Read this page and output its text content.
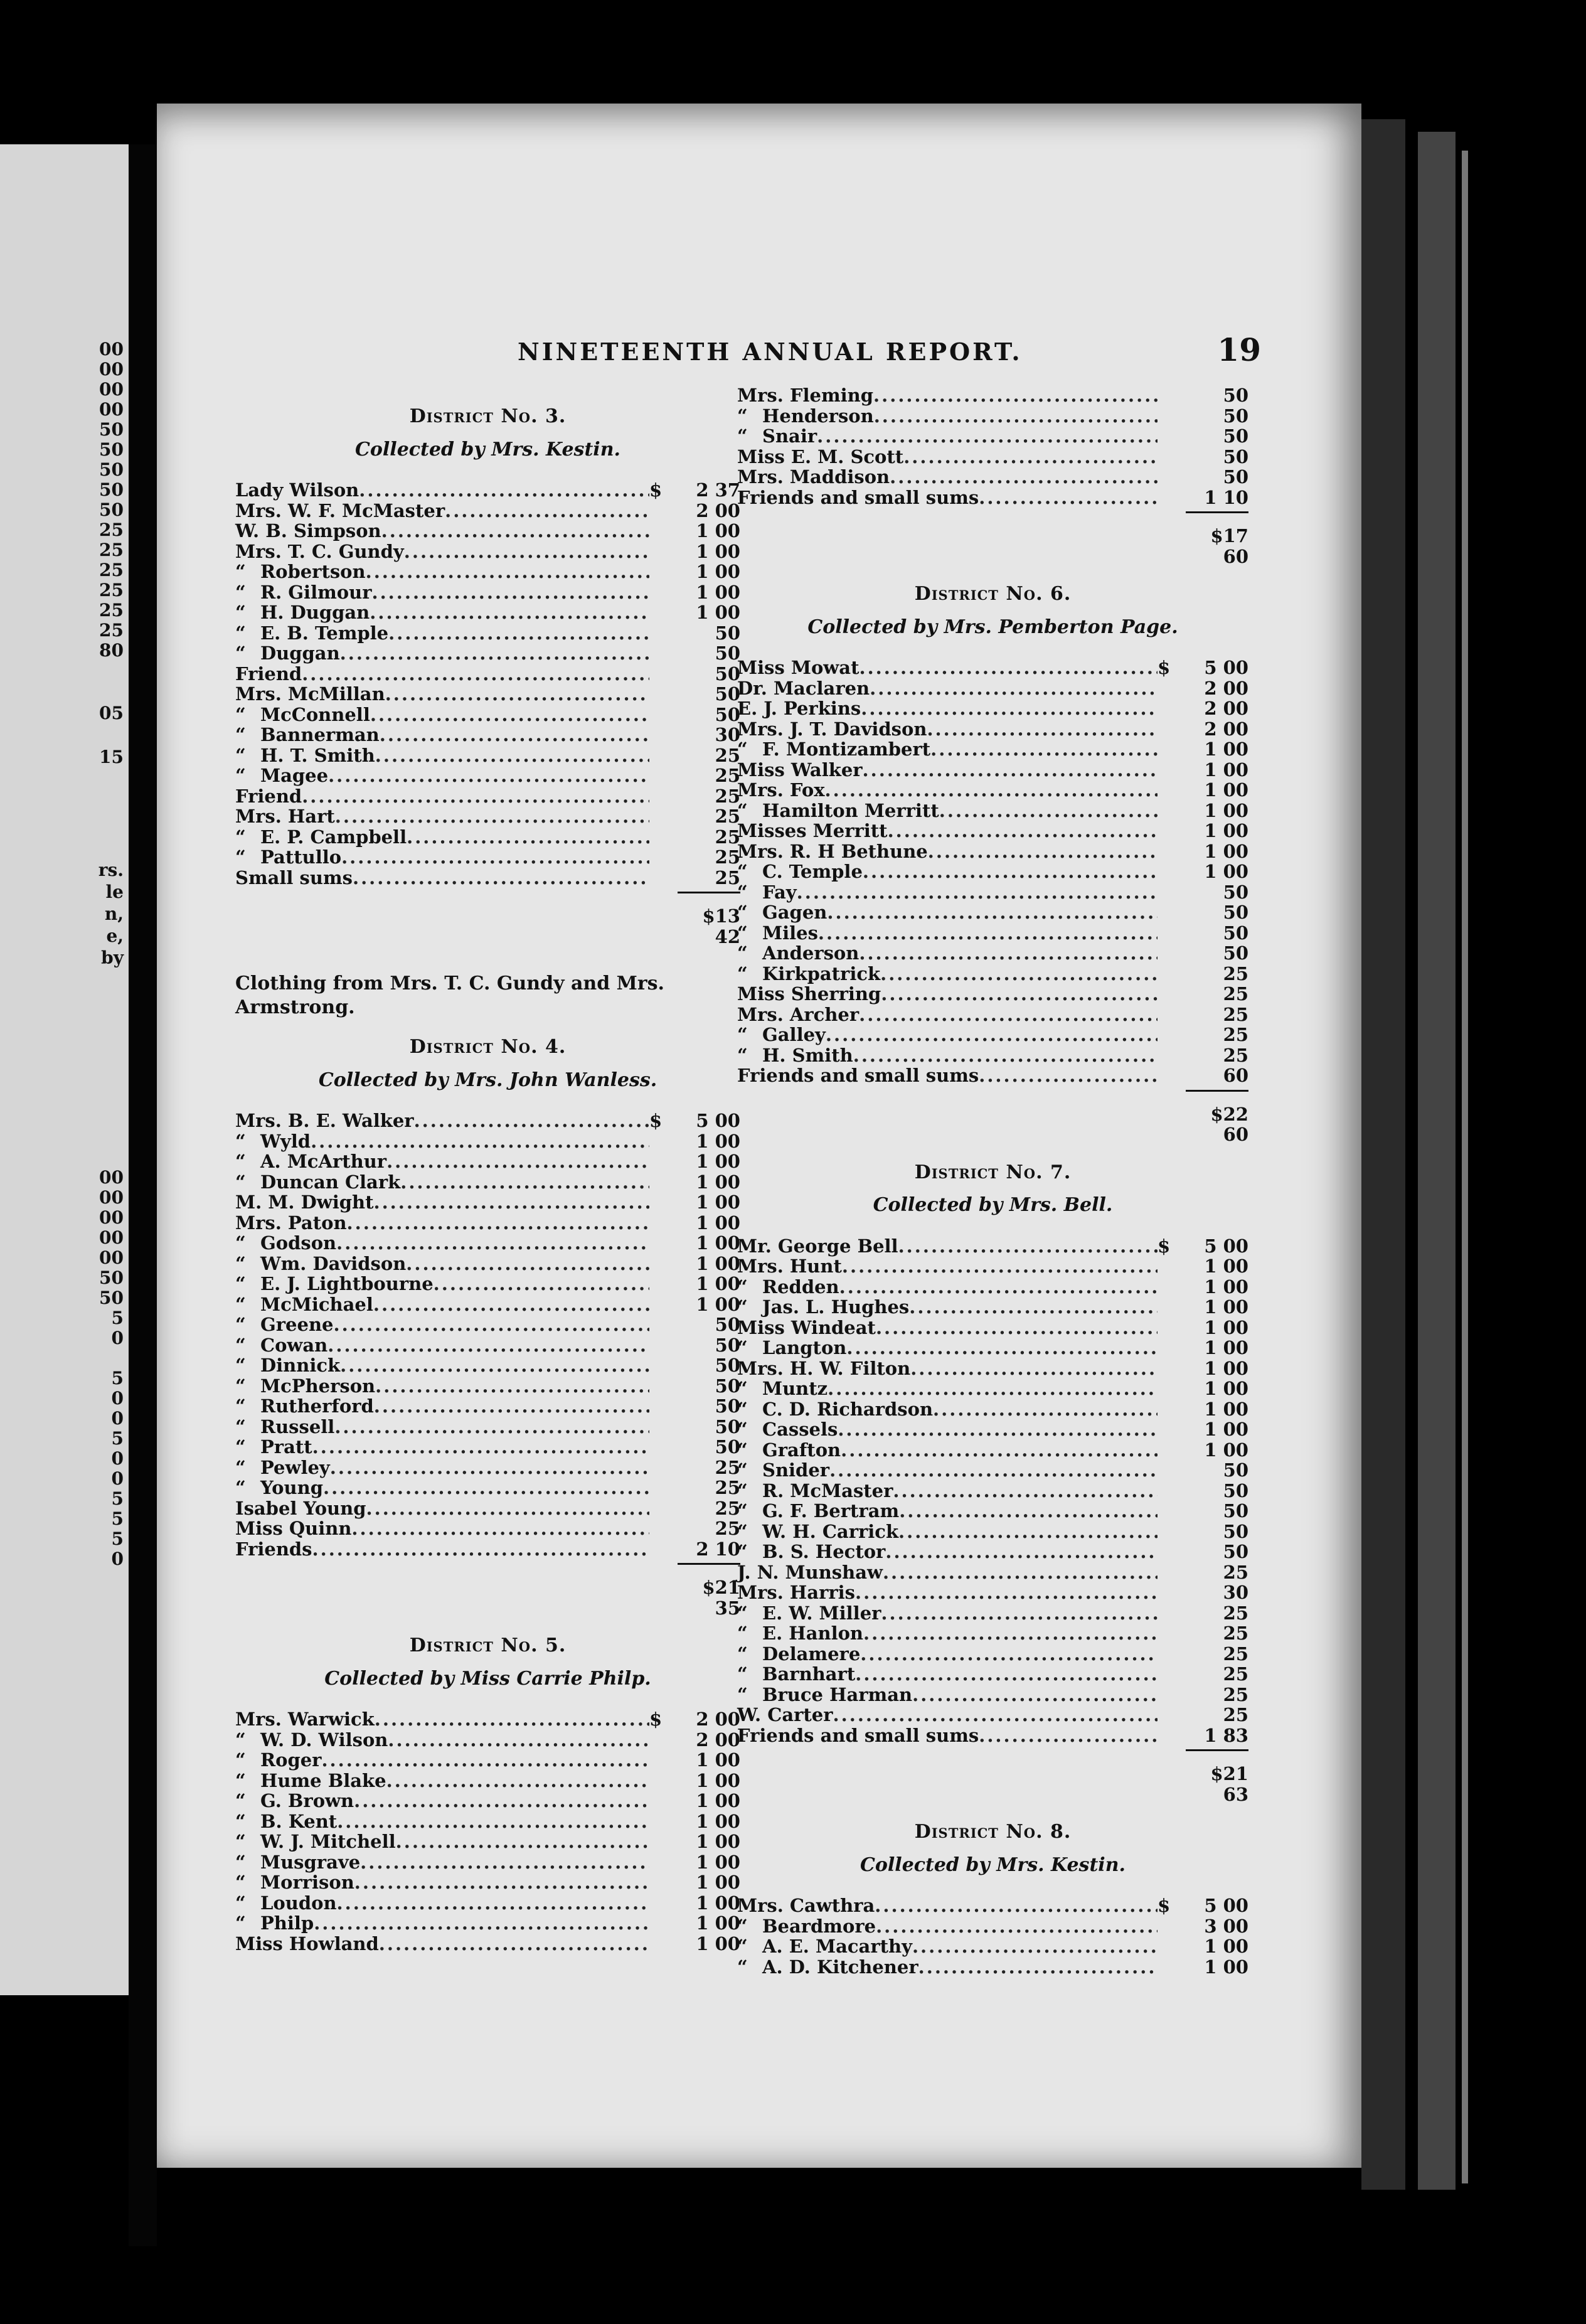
00
00
00
00
50
50
50
50
50
25
25
25
25
25
25
80
05
15
rs.
le
n,
e,
by
00
00
00
00
00
50
50
5
0
5
0
0
5
0
0
5
5
5
0
NINETEENTH ANNUAL REPORT.	19
District No. 3.
Collected by Mrs. Kestin.
Lady Wilson .....	$ 2 37
Mrs. W. F. McMaster .....	2 00
W. B. Simpson .....	1 00
Mrs. T. C. Gundy .....	1 00
“ Robertson .....	1 00
“ R. Gilmour .....	1 00
“ H. Duggan .....	1 00
“ E. B. Temple .....	50
“ Duggan .....	50
Friend .....	50
Mrs. McMillan .....	50
“ McConnell .....	50
“ Bannerman .....	30
“ H. T. Smith .....	25
“ Magee .....	25
Friend .....	25
Mrs. Hart .....	25
“ E. P. Campbell .....	25
“ Pattullo .....	25
Small sums .....	25
$13 42
Clothing from Mrs. T. C. Gundy and Mrs. Armstrong.
District No. 4.
Collected by Mrs. John Wanless.
Mrs. B. E. Walker .....	$ 5 00
“ Wyld .....	1 00
“ A. McArthur .....	1 00
“ Duncan Clark .....	1 00
M. M. Dwight .....	1 00
Mrs. Paton .....	1 00
“ Godson .....	1 00
“ Wm. Davidson .....	1 00
“ E. J. Lightbourne .....	1 00
“ McMichael .....	1 00
“ Greene .....	50
“ Cowan .....	50
“ Dinnick .....	50
“ McPherson .....	50
“ Rutherford .....	50
“ Russell .....	50
“ Pratt .....	50
“ Pewley .....	25
“ Young .....	25
Isabel Young .....	25
Miss Quinn .....	25
Friends .....	2 10
$21 35
District No. 5.
Collected by Miss Carrie Philp.
Mrs. Warwick .....	$ 2 00
“ W. D. Wilson .....	2 00
“ Roger .....	1 00
“ Hume Blake .....	1 00
“ G. Brown .....	1 00
“ B. Kent .....	1 00
“ W. J. Mitchell .....	1 00
“ Musgrave .....	1 00
“ Morrison .....	1 00
“ Loudon .....	1 00
“ Philp .....	1 00
Miss Howland .....	1 00
Mrs. Fleming .....	50
“ Henderson .....	50
“ Snair .....	50
Miss E. M. Scott .....	50
Mrs. Maddison .....	50
Friends and small sums .....	1 10
$17 60
District No. 6.
Collected by Mrs. Pemberton Page.
Miss Mowat .....	$ 5 00
Dr. Maclaren .....	2 00
E. J. Perkins .....	2 00
Mrs. J. T. Davidson .....	2 00
“ F. Montizambert .....	1 00
Miss Walker .....	1 00
Mrs. Fox .....	1 00
“ Hamilton Merritt .....	1 00
Misses Merritt .....	1 00
Mrs. R. H Bethune .....	1 00
“ C. Temple .....	1 00
“ Fay .....	50
“ Gagen .....	50
“ Miles .....	50
“ Anderson .....	50
“ Kirkpatrick .....	25
Miss Sherring .....	25
Mrs. Archer .....	25
“ Galley .....	25
“ H. Smith .....	25
Friends and small sums .....	60
$22 60
District No. 7.
Collected by Mrs. Bell.
Mr. George Bell .....	$ 5 00
Mrs. Hunt .....	1 00
“ Redden .....	1 00
“ Jas. L. Hughes .....	1 00
Miss Windeat .....	1 00
“ Langton .....	1 00
Mrs. H. W. Filton .....	1 00
“ Muntz .....	1 00
“ C. D. Richardson .....	1 00
“ Cassels .....	1 00
“ Grafton .....	1 00
“ Snider .....	50
“ R. McMaster .....	50
“ G. F. Bertram .....	50
“ W. H. Carrick .....	50
“ B. S. Hector .....	50
J. N. Munshaw .....	25
Mrs. Harris .....	30
“ E. W. Miller .....	25
“ E. Hanlon .....	25
“ Delamere .....	25
“ Barnhart .....	25
“ Bruce Harman .....	25
W. Carter .....	25
Friends and small sums .....	1 83
$21 63
District No. 8.
Collected by Mrs. Kestin.
Mrs. Cawthra .....	$ 5 00
“ Beardmore .....	3 00
“ A. E. Macarthy .....	1 00
“ A. D. Kitchener .....	1 00
